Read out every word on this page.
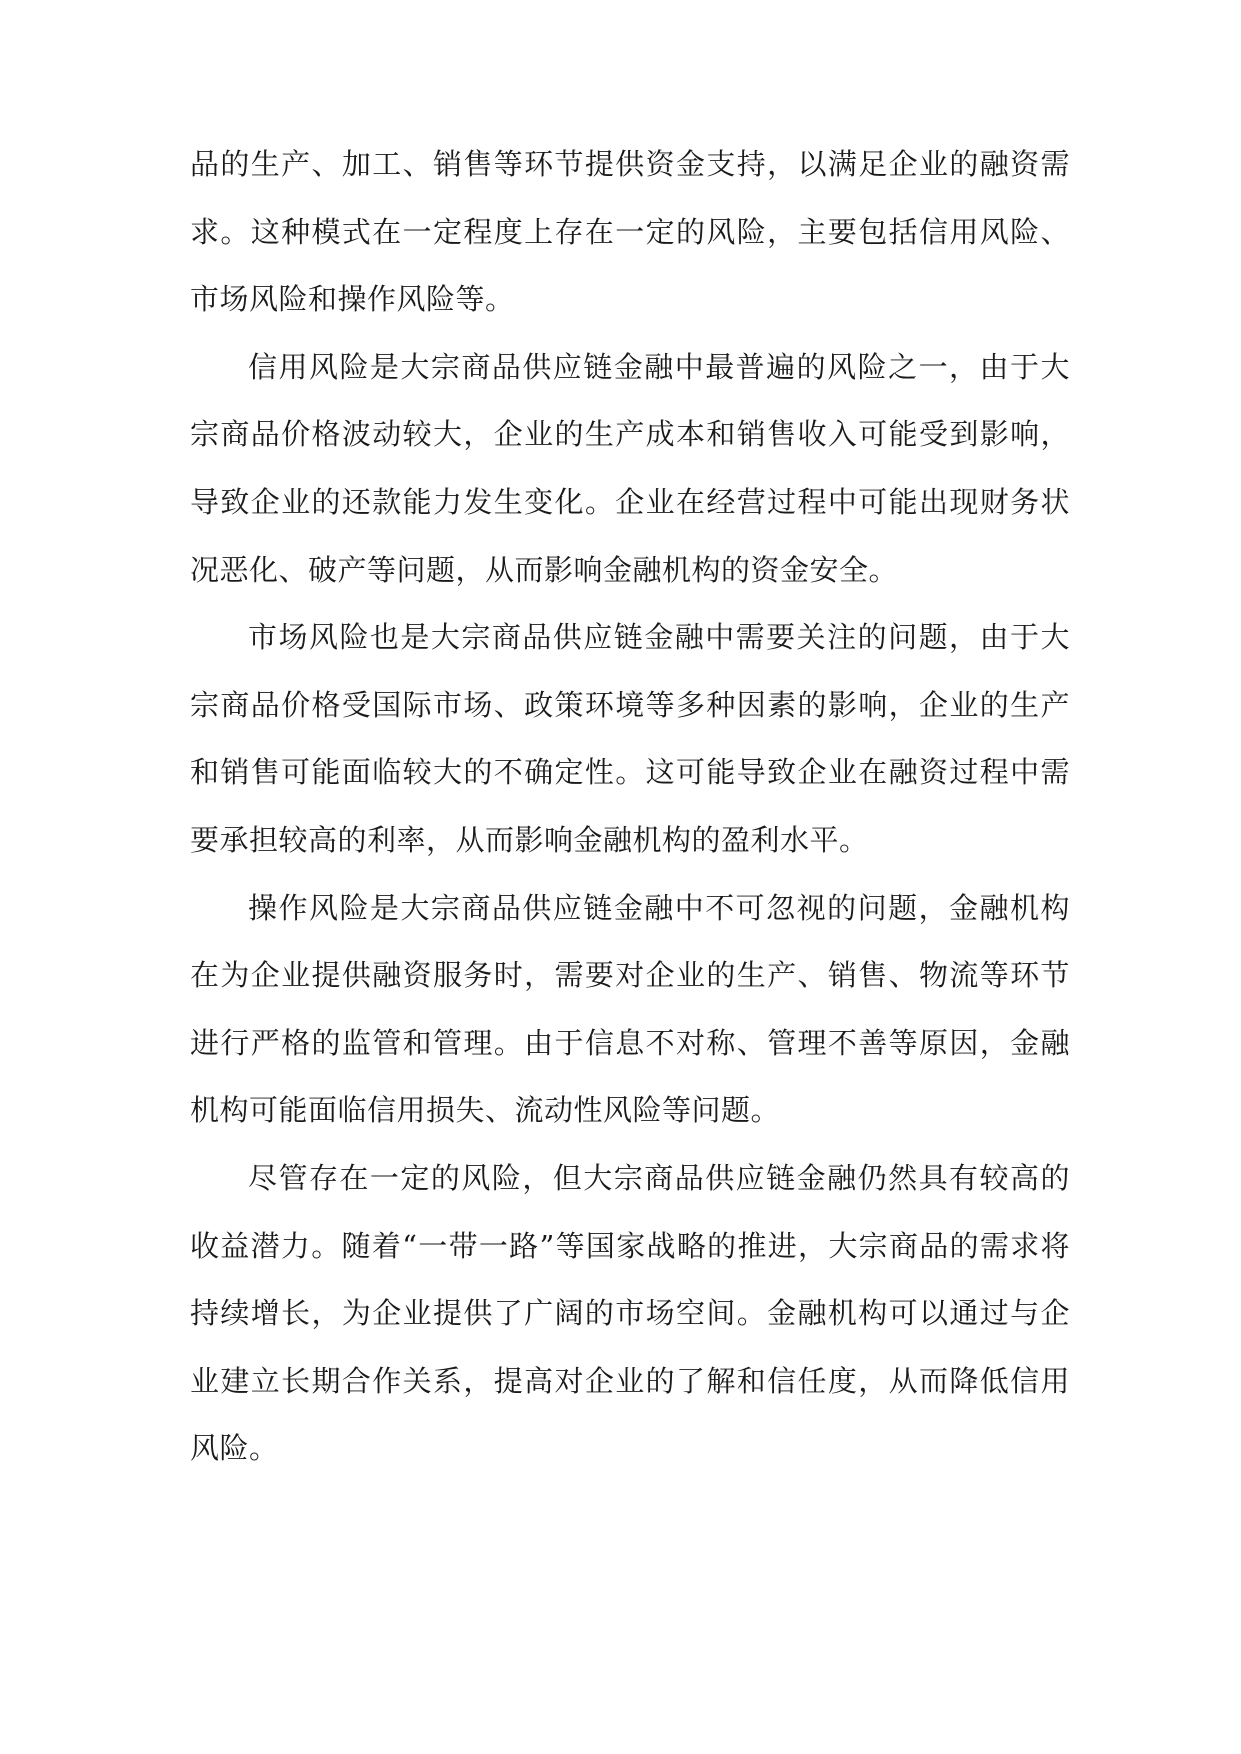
品的生产、加工、销售等环节提供资金支持，以满足企业的融资需求。这种模式在一定程度上存在一定的风险，主要包括信用风险、市场风险和操作风险等。

信用风险是大宗商品供应链金融中最普遍的风险之一，由于大宗商品价格波动较大，企业的生产成本和销售收入可能受到影响，导致企业的还款能力发生变化。企业在经营过程中可能出现财务状况恶化、破产等问题，从而影响金融机构的资金安全。

市场风险也是大宗商品供应链金融中需要关注的问题，由于大宗商品价格受国际市场、政策环境等多种因素的影响，企业的生产和销售可能面临较大的不确定性。这可能导致企业在融资过程中需要承担较高的利率，从而影响金融机构的盈利水平。

操作风险是大宗商品供应链金融中不可忽视的问题，金融机构在为企业提供融资服务时，需要对企业的生产、销售、物流等环节进行严格的监管和管理。由于信息不对称、管理不善等原因，金融机构可能面临信用损失、流动性风险等问题。

尽管存在一定的风险，但大宗商品供应链金融仍然具有较高的收益潜力。随着“一带一路”等国家战略的推进，大宗商品的需求将持续增长，为企业提供了广阔的市场空间。金融机构可以通过与企业建立长期合作关系，提高对企业的了解和信任度，从而降低信用风险。
